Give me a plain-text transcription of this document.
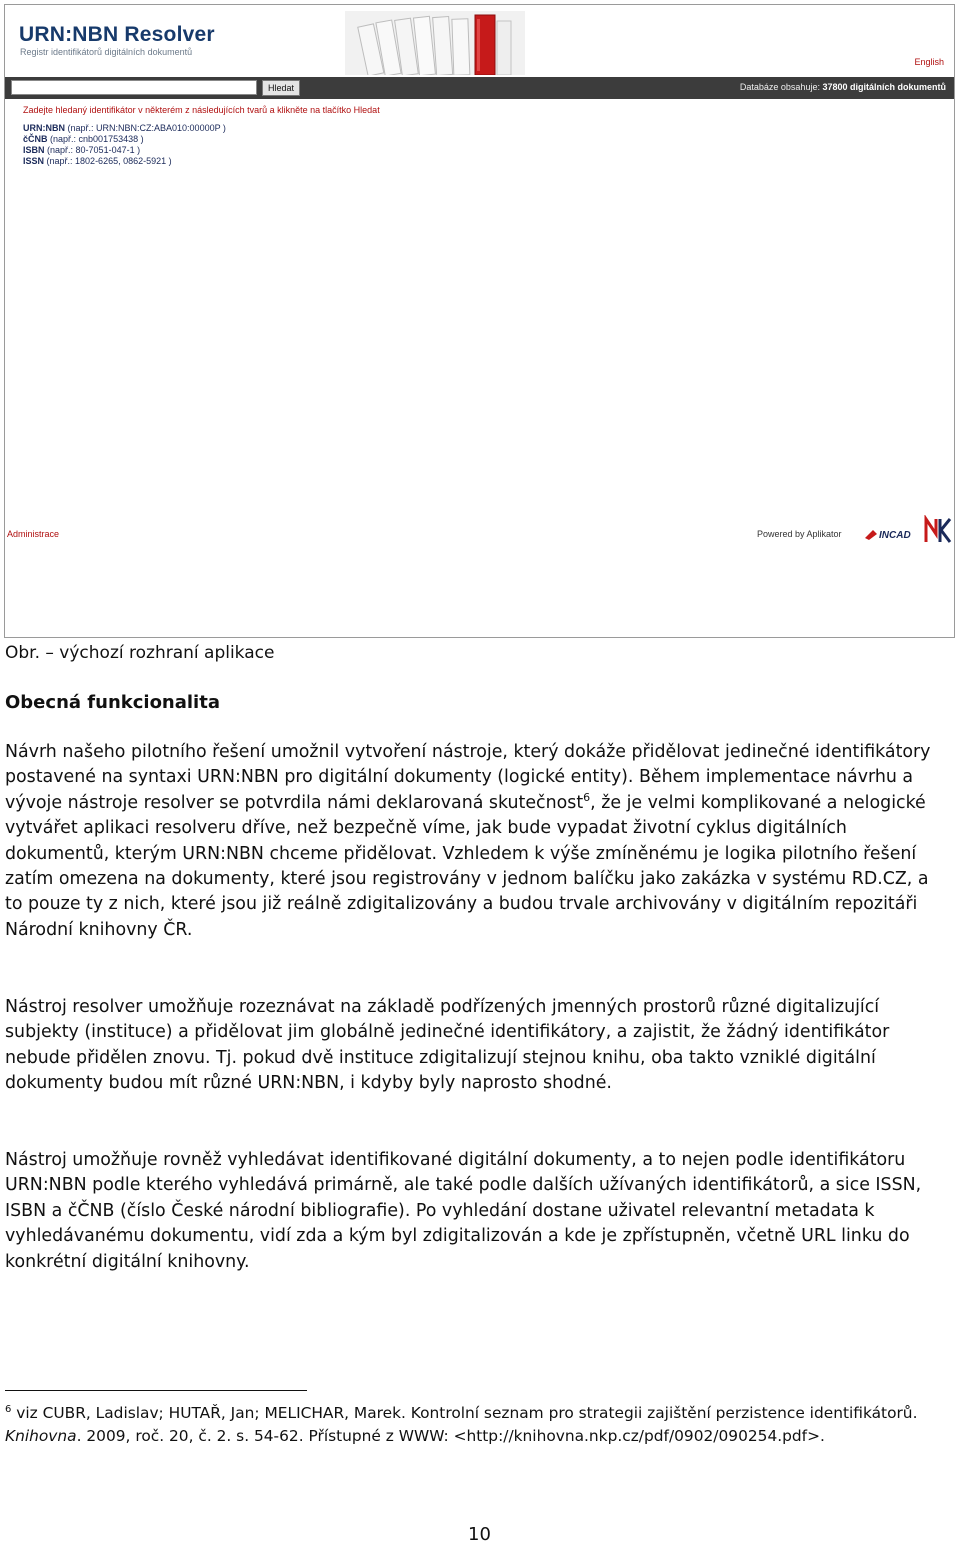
URN:NBN Resolver
Registr identifikátorů digitálních dokumentů
English
Hledat	Databáze obsahuje: 37800 digitálních dokumentů
Zadejte hledaný identifikátor v některém z následujících tvarů a klikněte na tlačítko Hledat
URN:NBN (např.: URN:NBN:CZ:ABA010:00000P )
čČNB (např.: cnb001753438 )
ISBN (např.: 80-7051-047-1 )
ISSN (např.: 1802-6265, 0862-5921 )
Administrace	Powered by Aplikator	INCAD
Obr. – výchozí rozhraní aplikace
Obecná funkcionalita

Návrh našeho pilotního řešení umožnil vytvoření nástroje, který dokáže přidělovat jedinečné identifikátory postavené na syntaxi URN:NBN pro digitální dokumenty (logické entity). Během implementace návrhu a vývoje nástroje resolver se potvrdila námi deklarovaná skutečnost$^6$, že je velmi komplikované a nelogické vytvářet aplikaci resolveru dříve, než bezpečně víme, jak bude vypadat životní cyklus digitálních dokumentů, kterým URN:NBN chceme přidělovat. Vzhledem k výše zmíněnému je logika pilotního řešení zatím omezena na dokumenty, které jsou registrovány v jednom balíčku jako zakázka v systému RD.CZ, a to pouze ty z nich, které jsou již reálně zdigitalizovány a budou trvale archivovány v digitálním repozitáři Národní knihovny ČR.

Nástroj resolver umožňuje rozeznávat na základě podřízených jmenných prostorů různé digitalizující subjekty (instituce) a přidělovat jim globálně jedinečné identifikátory, a zajistit, že žádný identifikátor nebude přidělen znovu. Tj. pokud dvě instituce zdigitalizují stejnou knihu, oba takto vzniklé digitální dokumenty budou mít různé URN:NBN, i kdyby byly naprosto shodné.

Nástroj umožňuje rovněž vyhledávat identifikované digitální dokumenty, a to nejen podle identifikátoru URN:NBN podle kterého vyhledává primárně, ale také podle dalších užívaných identifikátorů, a sice ISSN, ISBN a čČNB (číslo České národní bibliografie). Po vyhledání dostane uživatel relevantní metadata k vyhledávanému dokumentu, vidí zda a kým byl zdigitalizován a kde je zpřístupněn, včetně URL linku do konkrétní digitální knihovny.

$^6$ viz CUBR, Ladislav; HUTAŘ, Jan; MELICHAR, Marek. Kontrolní seznam pro strategii zajištění perzistence identifikátorů. Knihovna. 2009, roč. 20, č. 2. s. 54-62. Přístupné z WWW: <http://knihovna.nkp.cz/pdf/0902/090254.pdf>.

10
